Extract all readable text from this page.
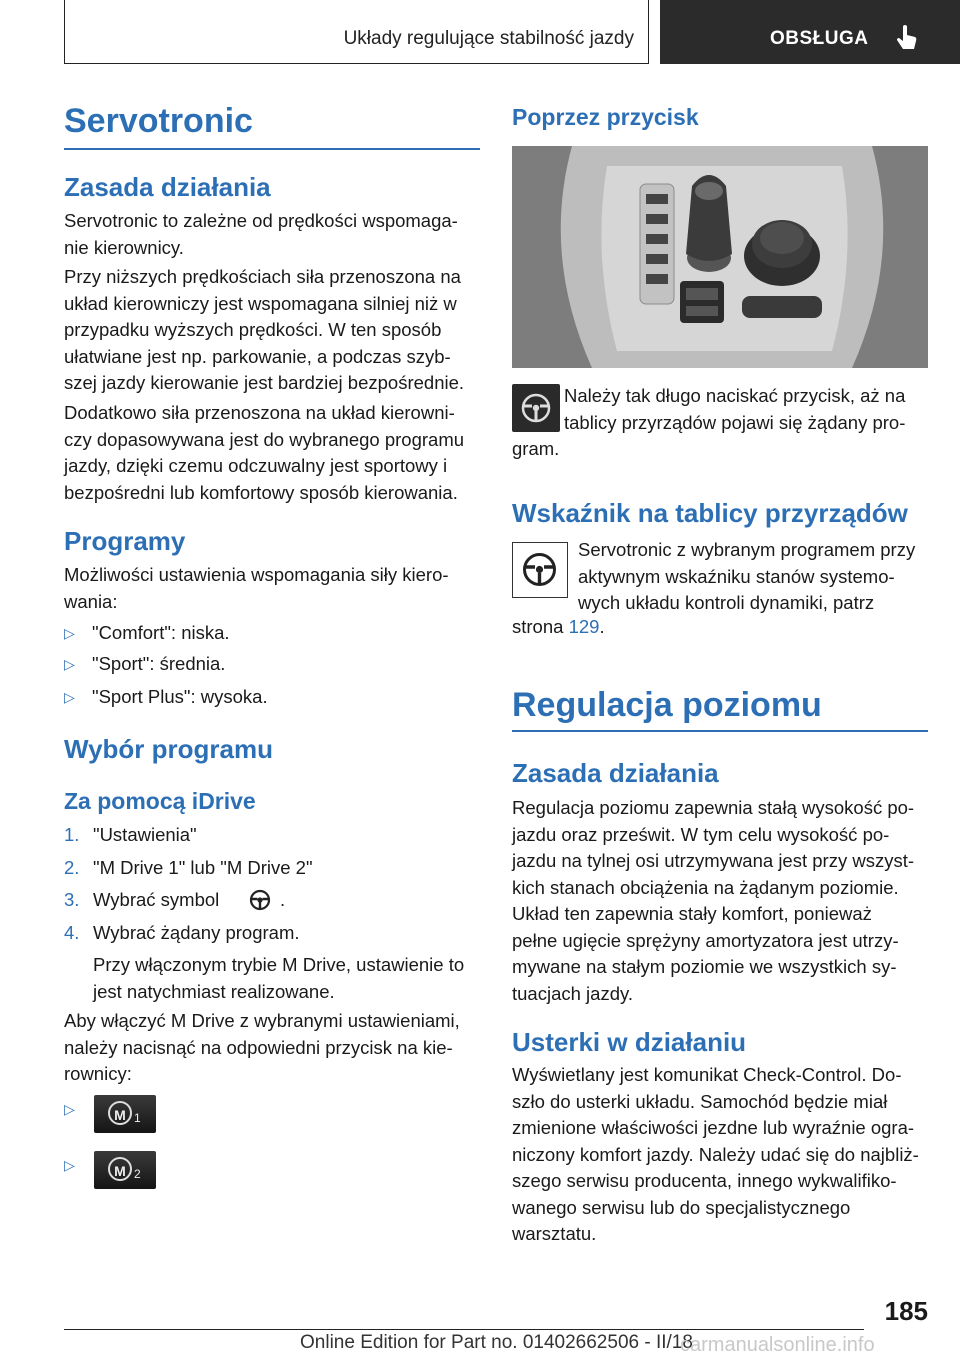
Układy regulujące stabilność jazdy	OBSŁUGA
Servotronic
Zasada działania
Servotronic to zależne od prędkości wspomaga‐
nie kierownicy.
Przy niższych prędkościach siła przenoszona na
układ kierowniczy jest wspomagana silniej niż w
przypadku wyższych prędkości. W ten sposób
ułatwiane jest np. parkowanie, a podczas szyb‐
szej jazdy kierowanie jest bardziej bezpośrednie.
Dodatkowo siła przenoszona na układ kierowni‐
czy dopasowywana jest do wybranego programu
jazdy, dzięki czemu odczuwalny jest sportowy i
bezpośredni lub komfortowy sposób kierowania.
Programy
Możliwości ustawienia wspomagania siły kiero‐
wania:
▷ "Comfort": niska.
▷ "Sport": średnia.
▷ "Sport Plus": wysoka.
Wybór programu
Za pomocą iDrive
1. "Ustawienia"
2. "M Drive 1" lub "M Drive 2"
3. Wybrać symbol	.
4. Wybrać żądany program.
Przy włączonym trybie M Drive, ustawienie to
jest natychmiast realizowane.
Aby włączyć M Drive z wybranymi ustawieniami,
należy nacisnąć na odpowiedni przycisk na kie‐
rownicy:
▷	M 1
▷	M 2
Poprzez przycisk
Należy tak długo naciskać przycisk, aż na
tablicy przyrządów pojawi się żądany pro‐
gram.
Wskaźnik na tablicy przyrządów
Servotronic z wybranym programem przy
aktywnym wskaźniku stanów systemo‐
wych układu kontroli dynamiki, patrz
strona 129.
Regulacja poziomu
Zasada działania
Regulacja poziomu zapewnia stałą wysokość po‐
jazdu oraz prześwit. W tym celu wysokość po‐
jazdu na tylnej osi utrzymywana jest przy wszyst‐
kich stanach obciążenia na żądanym poziomie.
Układ ten zapewnia stały komfort, ponieważ
pełne ugięcie sprężyny amortyzatora jest utrzy‐
mywane na stałym poziomie we wszystkich sy‐
tuacjach jazdy.
Usterki w działaniu
Wyświetlany jest komunikat Check-Control. Do‐
szło do usterki układu. Samochód będzie miał
zmienione właściwości jezdne lub wyraźnie ogra‐
niczony komfort jazdy. Należy udać się do najbliż‐
szego serwisu producenta, innego wykwalifiko‐
wanego serwisu lub do specjalistycznego
warsztatu.
185
Online Edition for Part no. 01402662506 - II/18
carmanualsonline.info
